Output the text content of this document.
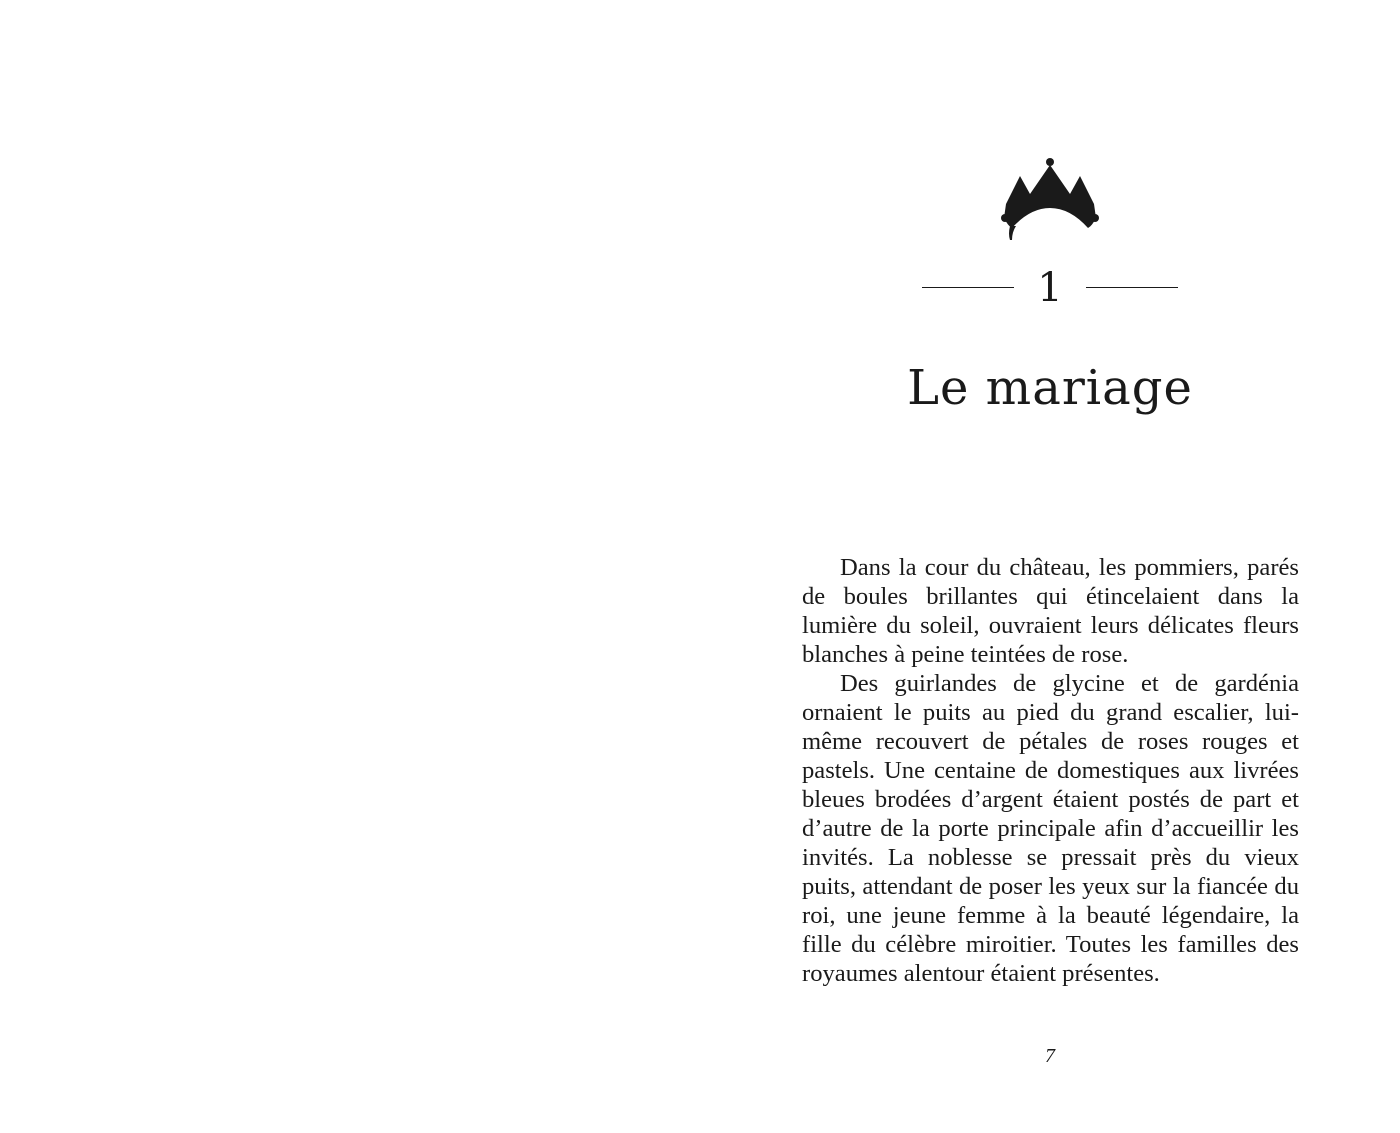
1
Le mariage

Dans la cour du château, les pommiers, parés de boules brillantes qui étincelaient dans la lumière du soleil, ouvraient leurs délicates fleurs blanches à peine teintées de rose.

Des guirlandes de glycine et de gardénia ornaient le puits au pied du grand escalier, lui-même recouvert de pétales de roses rouges et pastels. Une centaine de domestiques aux livrées bleues brodées d’argent étaient postés de part et d’autre de la porte principale afin d’accueillir les invités. La noblesse se pressait près du vieux puits, attendant de poser les yeux sur la fiancée du roi, une jeune femme à la beauté légendaire, la fille du célèbre miroitier. Toutes les familles des royaumes alentour étaient présentes.

7
